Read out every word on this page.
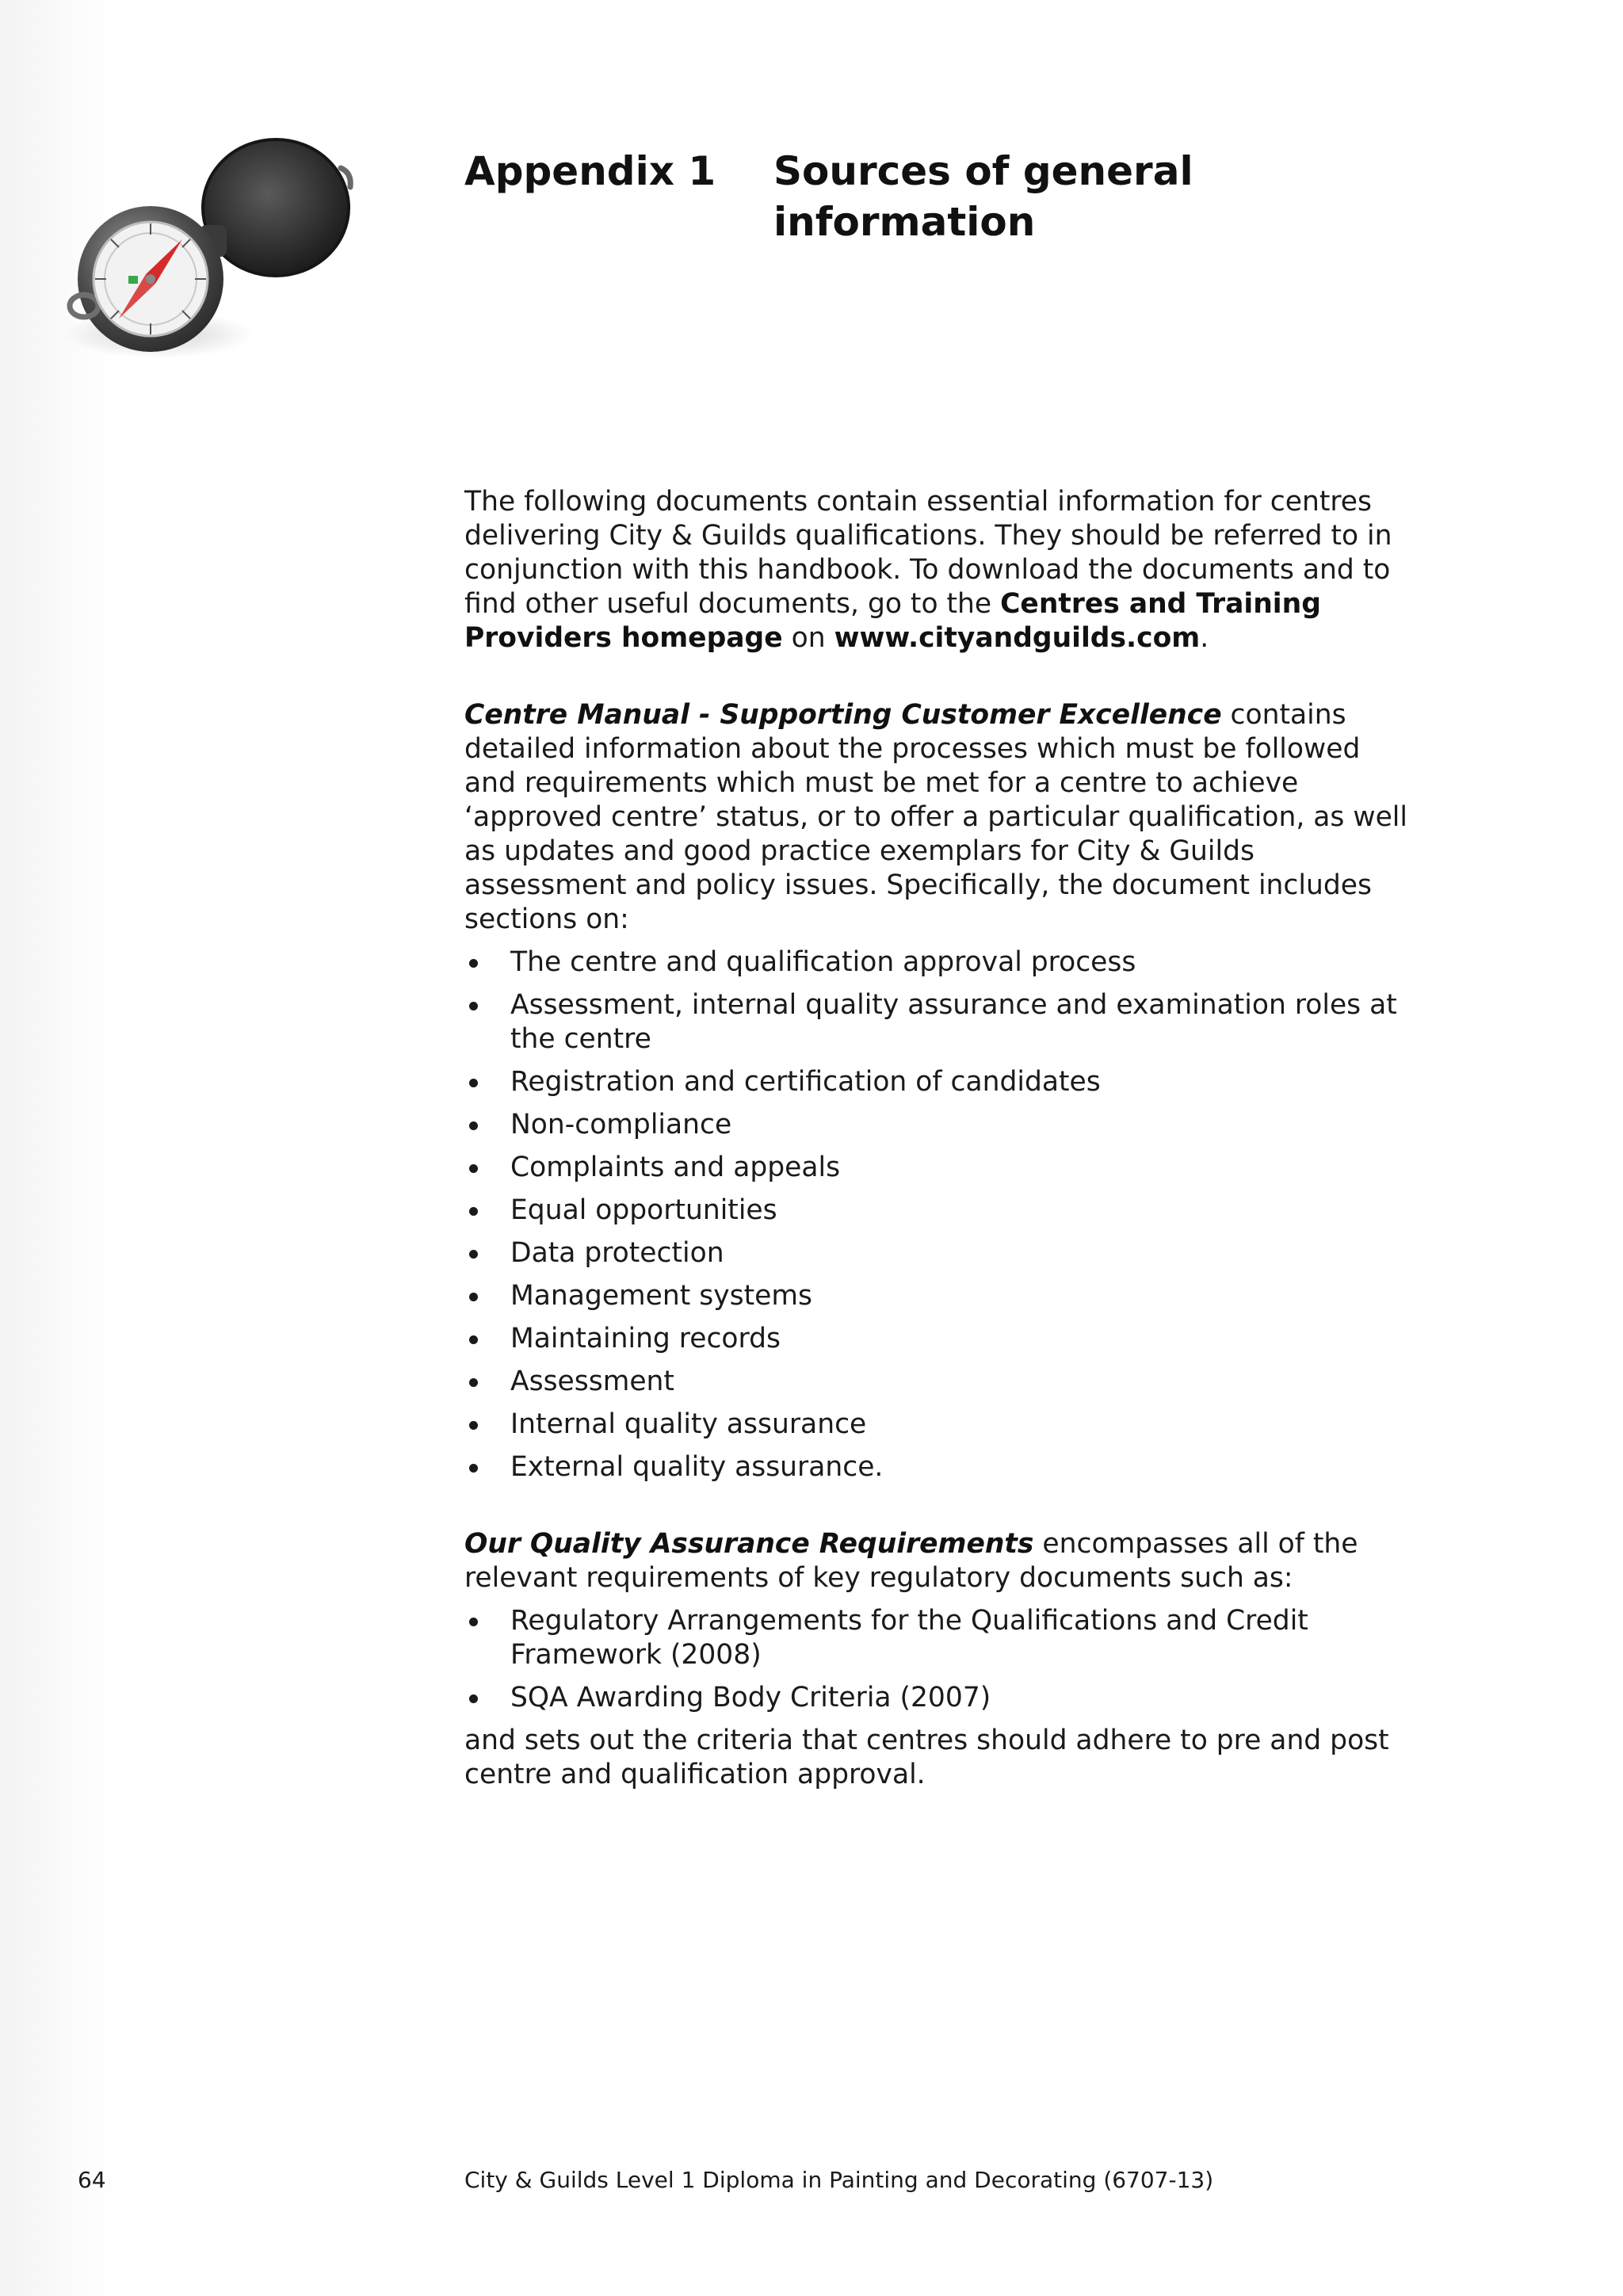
Appendix 1 Sources of general information

The following documents contain essential information for centres delivering City & Guilds qualifications. They should be referred to in conjunction with this handbook. To download the documents and to find other useful documents, go to the Centres and Training Providers homepage on www.cityandguilds.com.

Centre Manual - Supporting Customer Excellence contains detailed information about the processes which must be followed and requirements which must be met for a centre to achieve ‘approved centre’ status, or to offer a particular qualification, as well as updates and good practice exemplars for City & Guilds assessment and policy issues. Specifically, the document includes sections on:

The centre and qualification approval process
Assessment, internal quality assurance and examination roles at the centre
Registration and certification of candidates
Non-compliance
Complaints and appeals
Equal opportunities
Data protection
Management systems
Maintaining records
Assessment
Internal quality assurance
External quality assurance.

Our Quality Assurance Requirements encompasses all of the relevant requirements of key regulatory documents such as:

Regulatory Arrangements for the Qualifications and Credit Framework (2008)
SQA Awarding Body Criteria (2007)

and sets out the criteria that centres should adhere to pre and post centre and qualification approval.

64	City & Guilds Level 1 Diploma in Painting and Decorating (6707-13)
